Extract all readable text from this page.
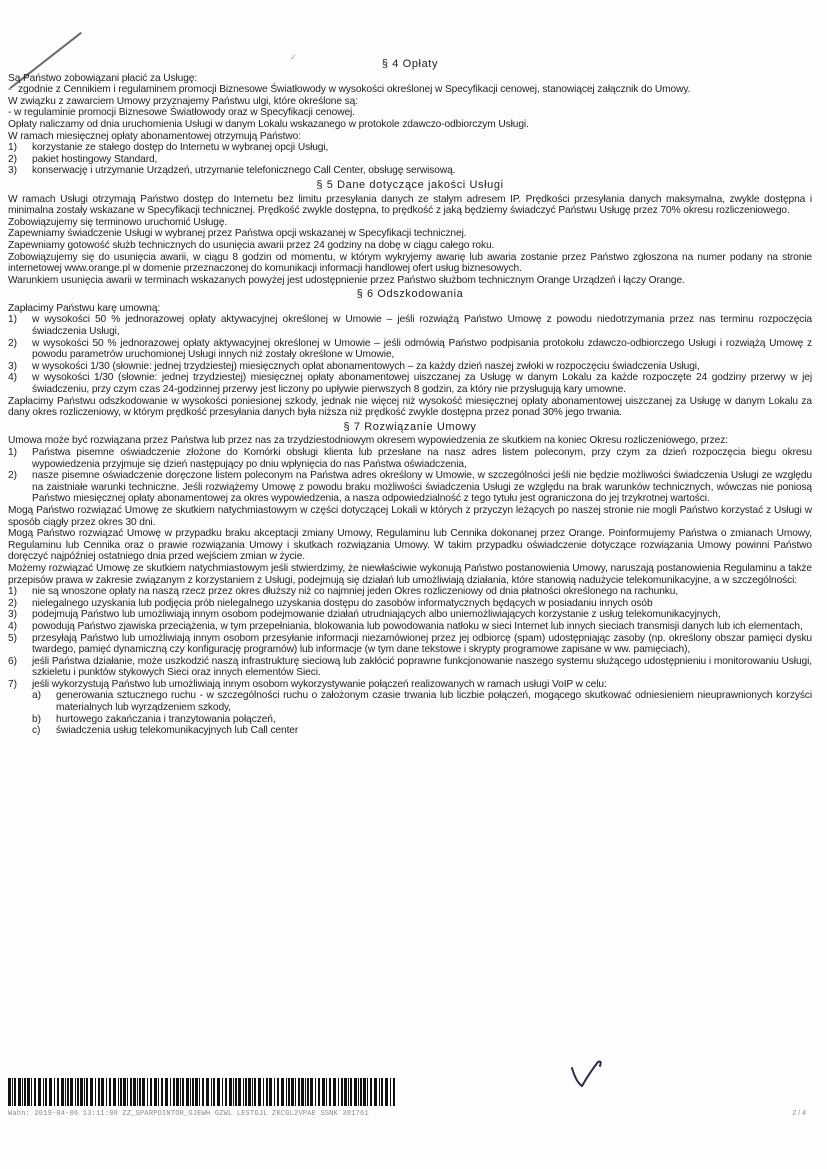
✓
§ 4 Opłaty

Są Państwo zobowiązani płacić za Usługę:

- zgodnie z Cennikiem i regulaminem promocji Biznesowe Światłowody w wysokości określonej w Specyfikacji cenowej, stanowiącej załącznik do Umowy.

W związku z zawarciem Umowy przyznajemy Państwu ulgi, które określone są:

- w regulaminie promocji Biznesowe Światłowody oraz w Specyfikacji cenowej.

Opłaty naliczamy od dnia uruchomienia Usługi w danym Lokalu wskazanego w protokole zdawczo-odbiorczym Usługi.

W ramach miesięcznej opłaty abonamentowej otrzymują Państwo:

1)	korzystanie ze stałego dostęp do Internetu w wybranej opcji Usługi,
2)	pakiet hostingowy Standard,
3)	konserwację i utrzymanie Urządzeń, utrzymanie telefonicznego Call Center, obsługę serwisową.
§ 5 Dane dotyczące jakości Usługi

W ramach Usługi otrzymają Państwo dostęp do Internetu bez limitu przesyłania danych ze stałym adresem IP. Prędkości przesyłania danych maksymalna, zwykle dostępna i minimalna zostały wskazane w Specyfikacji technicznej. Prędkość zwykle dostępna, to prędkość z jaką będziemy świadczyć Państwu Usługę przez 70% okresu rozliczeniowego.

Zobowiązujemy się terminowo uruchomić Usługę.

Zapewniamy świadczenie Usługi w wybranej przez Państwa opcji wskazanej w Specyfikacji technicznej.

Zapewniamy gotowość służb technicznych do usunięcia awarii przez 24 godziny na dobę w ciągu całego roku.

Zobowiązujemy się do usunięcia awarii, w ciągu 8 godzin od momentu, w którym wykryjemy awarię lub awaria zostanie przez Państwo zgłoszona na numer podany na stronie internetowej www.orange.pl w domenie przeznaczonej do komunikacji informacji handlowej ofert usług biznesowych.

Warunkiem usunięcia awarii w terminach wskazanych powyżej jest udostępnienie przez Państwo służbom technicznym Orange Urządzeń i łączy Orange.

§ 6 Odszkodowania

Zapłacimy Państwu karę umowną:

1)	w wysokości 50 % jednorazowej opłaty aktywacyjnej określonej w Umowie – jeśli rozwiążą Państwo Umowę z powodu niedotrzymania przez nas terminu rozpoczęcia świadczenia Usługi,
2)	w wysokości 50 % jednorazowej opłaty aktywacyjnej określonej w Umowie – jeśli odmówią Państwo podpisania protokołu zdawczo-odbiorczego Usługi i rozwiążą Umowę z powodu parametrów uruchomionej Usługi innych niż zostały określone w Umowie,
3)	w wysokości 1/30 (słownie: jednej trzydziestej) miesięcznych opłat abonamentowych – za każdy dzień naszej zwłoki w rozpoczęciu świadczenia Usługi,
4)	w wysokości 1/30 (słownie: jednej trzydziestej) miesięcznej opłaty abonamentowej uiszczanej za Usługę w danym Lokalu za każde rozpoczęte 24 godziny przerwy w jej świadczeniu, przy czym czas 24-godzinnej przerwy jest liczony po upływie pierwszych 8 godzin, za który nie przysługują kary umowne.

Zapłacimy Państwu odszkodowanie w wysokości poniesionej szkody, jednak nie więcej niż wysokość miesięcznej opłaty abonamentowej uiszczanej za Usługę w danym Lokalu za dany okres rozliczeniowy, w którym prędkość przesyłania danych była niższa niż prędkość zwykle dostępna przez ponad 30% jego trwania.

§ 7 Rozwiązanie Umowy

Umowa może być rozwiązana przez Państwa lub przez nas za trzydziestodniowym okresem wypowiedzenia ze skutkiem na koniec Okresu rozliczeniowego, przez:

1)	Państwa pisemne oświadczenie złożone do Komórki obsługi klienta lub przesłane na nasz adres listem poleconym, przy czym za dzień rozpoczęcia biegu okresu wypowiedzenia przyjmuje się dzień następujący po dniu wpłynięcia do nas Państwa oświadczenia,
2)	nasze pisemne oświadczenie doręczone listem poleconym na Państwa adres określony w Umowie, w szczególności jeśli nie będzie możliwości świadczenia Usługi ze względu na zaistniałe warunki techniczne. Jeśli rozwiążemy Umowę z powodu braku możliwości świadczenia Usługi ze względu na brak warunków technicznych, wówczas nie poniosą Państwo miesięcznej opłaty abonamentowej za okres wypowiedzenia, a nasza odpowiedzialność z tego tytułu jest ograniczona do jej trzykrotnej wartości.

Mogą Państwo rozwiązać Umowę ze skutkiem natychmiastowym w części dotyczącej Lokali w których z przyczyn leżących po naszej stronie nie mogli Państwo korzystać z Usługi w sposób ciągły przez okres 30 dni.

Mogą Państwo rozwiązać Umowę w przypadku braku akceptacji zmiany Umowy, Regulaminu lub Cennika dokonanej przez Orange. Poinformujemy Państwa o zmianach Umowy, Regulaminu lub Cennika oraz o prawie rozwiązania Umowy i skutkach rozwiązania Umowy. W takim przypadku oświadczenie dotyczące rozwiązania Umowy powinni Państwo doręczyć najpóźniej ostatniego dnia przed wejściem zmian w życie.

Możemy rozwiązać Umowę ze skutkiem natychmiastowym jeśli stwierdzimy, że niewłaściwie wykonują Państwo postanowienia Umowy, naruszają postanowienia Regulaminu a także przepisów prawa w zakresie związanym z korzystaniem z Usługi, podejmują się działań lub umożliwiają działania, które stanowią nadużycie telekomunikacyjne, a w szczególności:

1)	nie są wnoszone opłaty na naszą rzecz przez okres dłuższy niż co najmniej jeden Okres rozliczeniowy od dnia płatności określonego na rachunku,
2)	nielegalnego uzyskania lub podjęcia prób nielegalnego uzyskania dostępu do zasobów informatycznych będących w posiadaniu innych osób
3)	podejmują Państwo lub umożliwiają innym osobom podejmowanie działań utrudniających albo uniemożliwiających korzystanie z usług telekomunikacyjnych,
4)	powodują Państwo zjawiska przeciążenia, w tym przepełniania, blokowania lub powodowania natłoku w sieci Internet lub innych sieciach transmisji danych lub ich elementach,
5)	przesyłają Państwo lub umożliwiają innym osobom przesyłanie informacji niezamówionej przez jej odbiorcę (spam) udostępniając zasoby (np. określony obszar pamięci dysku twardego, pamięć dynamiczną czy konfigurację programów) lub informacje (w tym dane tekstowe i skrypty programowe zapisane w ww. pamięciach),
6)	jeśli Państwa działanie, może uszkodzić naszą infrastrukturę sieciową lub zakłócić poprawne funkcjonowanie naszego systemu służącego udostępnieniu i monitorowaniu Usługi, szkieletu i punktów stykowych Sieci oraz innych elementów Sieci.
7)	jeśli wykorzystują Państwo lub umożliwiają innym osobom wykorzystywanie połączeń realizowanych w ramach usługi VoIP w celu:
a)	generowania sztucznego ruchu - w szczególności ruchu o założonym czasie trwania lub liczbie połączeń, mogącego skutkować odniesieniem nieuprawnionych korzyści materialnych lub wyrządzeniem szkody,
b)	hurtowego zakańczania i tranzytowania połączeń,
c)	świadczenia usług telekomunikacyjnych lub Call center
Wahn: 2019-04-06 13:11:08 ZZ_SPARPOINTOR_GJEWH GZWL LESTGJL ZKCGL2VPAE SSNK 381761	2 / 4
